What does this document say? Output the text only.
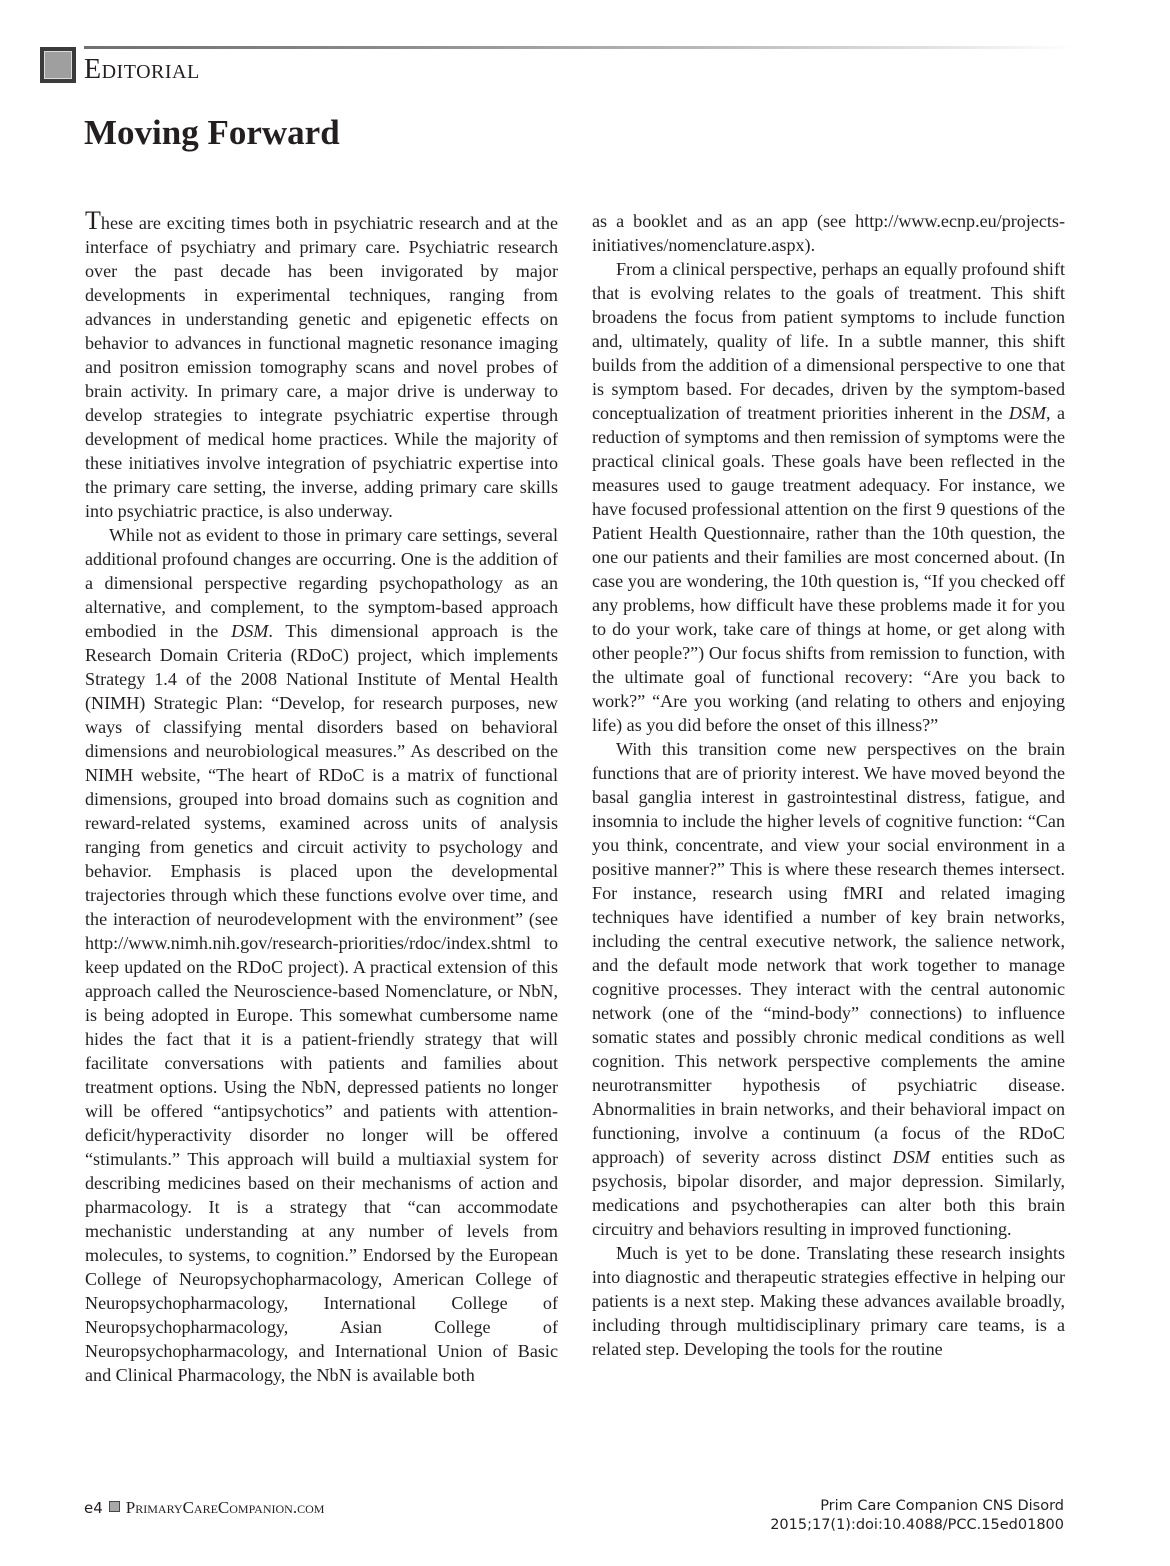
Editorial
Moving Forward

These are exciting times both in psychiatric research and at the interface of psychiatry and primary care. Psychiatric research over the past decade has been invigorated by major developments in experimental techniques, ranging from advances in understanding genetic and epigenetic effects on behavior to advances in functional magnetic resonance imaging and positron emission tomography scans and novel probes of brain activity. In primary care, a major drive is underway to develop strategies to integrate psychiatric expertise through development of medical home practices. While the majority of these initiatives involve integration of psychiatric expertise into the primary care setting, the inverse, adding primary care skills into psychiatric practice, is also underway.

While not as evident to those in primary care settings, several additional profound changes are occurring. One is the addition of a dimensional perspective regarding psychopathology as an alternative, and complement, to the symptom-based approach embodied in the DSM. This dimensional approach is the Research Domain Criteria (RDoC) project, which implements Strategy 1.4 of the 2008 National Institute of Mental Health (NIMH) Strategic Plan: “Develop, for research purposes, new ways of classifying mental disorders based on behavioral dimensions and neurobiological measures.” As described on the NIMH website, “The heart of RDoC is a matrix of functional dimensions, grouped into broad domains such as cognition and reward-related systems, examined across units of analysis ranging from genetics and circuit activity to psychology and behavior. Emphasis is placed upon the developmental trajectories through which these functions evolve over time, and the interaction of neurodevelopment with the environment” (see http://www.nimh.nih.gov/research-priorities/rdoc/index.shtml to keep updated on the RDoC project). A practical extension of this approach called the Neuroscience-based Nomenclature, or NbN, is being adopted in Europe. This somewhat cumbersome name hides the fact that it is a patient-friendly strategy that will facilitate conversations with patients and families about treatment options. Using the NbN, depressed patients no longer will be offered “antipsychotics” and patients with attention-deficit/hyperactivity disorder no longer will be offered “stimulants.” This approach will build a multiaxial system for describing medicines based on their mechanisms of action and pharmacology. It is a strategy that “can accommodate mechanistic understanding at any number of levels from molecules, to systems, to cognition.” Endorsed by the European College of Neuropsychopharmacology, American College of Neuropsychopharmacology, International College of Neuropsychopharmacology, Asian College of Neuropsychopharmacology, and International Union of Basic and Clinical Pharmacology, the NbN is available both

as a booklet and as an app (see http://www.ecnp.eu/projects-initiatives/nomenclature.aspx).

From a clinical perspective, perhaps an equally profound shift that is evolving relates to the goals of treatment. This shift broadens the focus from patient symptoms to include function and, ultimately, quality of life. In a subtle manner, this shift builds from the addition of a dimensional perspective to one that is symptom based. For decades, driven by the symptom-based conceptualization of treatment priorities inherent in the DSM, a reduction of symptoms and then remission of symptoms were the practical clinical goals. These goals have been reflected in the measures used to gauge treatment adequacy. For instance, we have focused professional attention on the first 9 questions of the Patient Health Questionnaire, rather than the 10th question, the one our patients and their families are most concerned about. (In case you are wondering, the 10th question is, “If you checked off any problems, how difficult have these problems made it for you to do your work, take care of things at home, or get along with other people?”) Our focus shifts from remission to function, with the ultimate goal of functional recovery: “Are you back to work?” “Are you working (and relating to others and enjoying life) as you did before the onset of this illness?”

With this transition come new perspectives on the brain functions that are of priority interest. We have moved beyond the basal ganglia interest in gastrointestinal distress, fatigue, and insomnia to include the higher levels of cognitive function: “Can you think, concentrate, and view your social environment in a positive manner?” This is where these research themes intersect. For instance, research using fMRI and related imaging techniques have identified a number of key brain networks, including the central executive network, the salience network, and the default mode network that work together to manage cognitive processes. They interact with the central autonomic network (one of the “mind-body” connections) to influence somatic states and possibly chronic medical conditions as well cognition. This network perspective complements the amine neurotransmitter hypothesis of psychiatric disease. Abnormalities in brain networks, and their behavioral impact on functioning, involve a continuum (a focus of the RDoC approach) of severity across distinct DSM entities such as psychosis, bipolar disorder, and major depression. Similarly, medications and psychotherapies can alter both this brain circuitry and behaviors resulting in improved functioning.

Much is yet to be done. Translating these research insights into diagnostic and therapeutic strategies effective in helping our patients is a next step. Making these advances available broadly, including through multidisciplinary primary care teams, is a related step. Developing the tools for the routine

e4 PrimaryCareCompanion.com	Prim Care Companion CNS Disord
2015;17(1):doi:10.4088/PCC.15ed01800
